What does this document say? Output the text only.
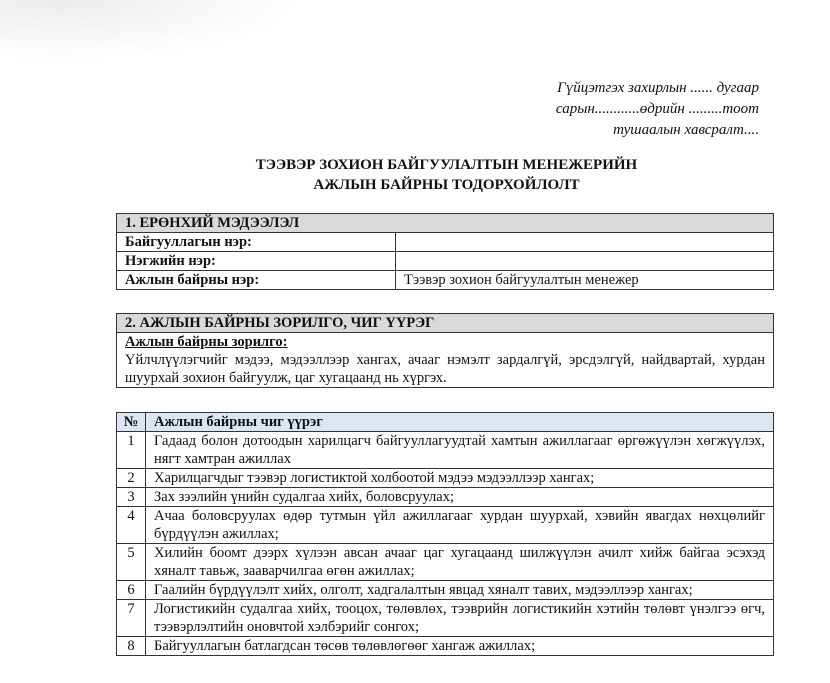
Гүйцэтгэх захирлын ...... дугаар
сарын............өдрийн .........тоот
тушаалын хавсралт....
ТЭЭВЭР ЗОХИОН БАЙГУУЛАЛТЫН МЕНЕЖЕРИЙН
АЖЛЫН БАЙРНЫ ТОДОРХОЙЛОЛТ
1. ЕРӨНХИЙ МЭДЭЭЛЭЛ	
Байгууллагын нэр:	
Нэгжийн нэр:	
Ажлын байрны нэр:	Тээвэр зохион байгуулалтын менежер
2. АЖЛЫН БАЙРНЫ ЗОРИЛГО, ЧИГ ҮҮРЭГ

Ажлын байрны зорилго:
Үйлчлүүлэгчийг мэдээ, мэдээллээр хангах, ачааг нэмэлт зардалгүй, эрсдэлгүй, найдвартай, хурдан шуурхай зохион байгуулж, цаг хугацаанд нь хүргэх.
№	Ажлын байрны чиг үүрэг
1	Гадаад болон дотоодын харилцагч байгууллагуудтай хамтын ажиллагааг өргөжүүлэн хөгжүүлэх, нягт хамтран ажиллах
2	Харилцагчдыг тээвэр логистиктой холбоотой мэдээ мэдээллээр хангах;
3	Зах зээлийн үнийн судалгаа хийх, боловсруулах;
4	Ачаа боловсруулах өдөр тутмын үйл ажиллагааг хурдан шуурхай, хэвийн явагдах нөхцөлийг бүрдүүлэн ажиллах;
5	Хилийн боомт дээрх хүлээн авсан ачааг цаг хугацаанд шилжүүлэн ачилт хийж байгаа эсэхэд хяналт тавьж, зааварчилгаа өгөн ажиллах;
6	Гаалийн бүрдүүлэлт хийх, олголт, хадгалалтын явцад хяналт тавих, мэдээллээр хангах;
7	Логистикийн судалгаа хийх, тооцох, төлөвлөх, тээврийн логистикийн хэтийн төлөвт үнэлгээ өгч, тээвэрлэлтийн оновчтой хэлбэрийг сонгох;
8	Байгууллагын батлагдсан төсөв төлөвлөгөөг хангаж ажиллах;
